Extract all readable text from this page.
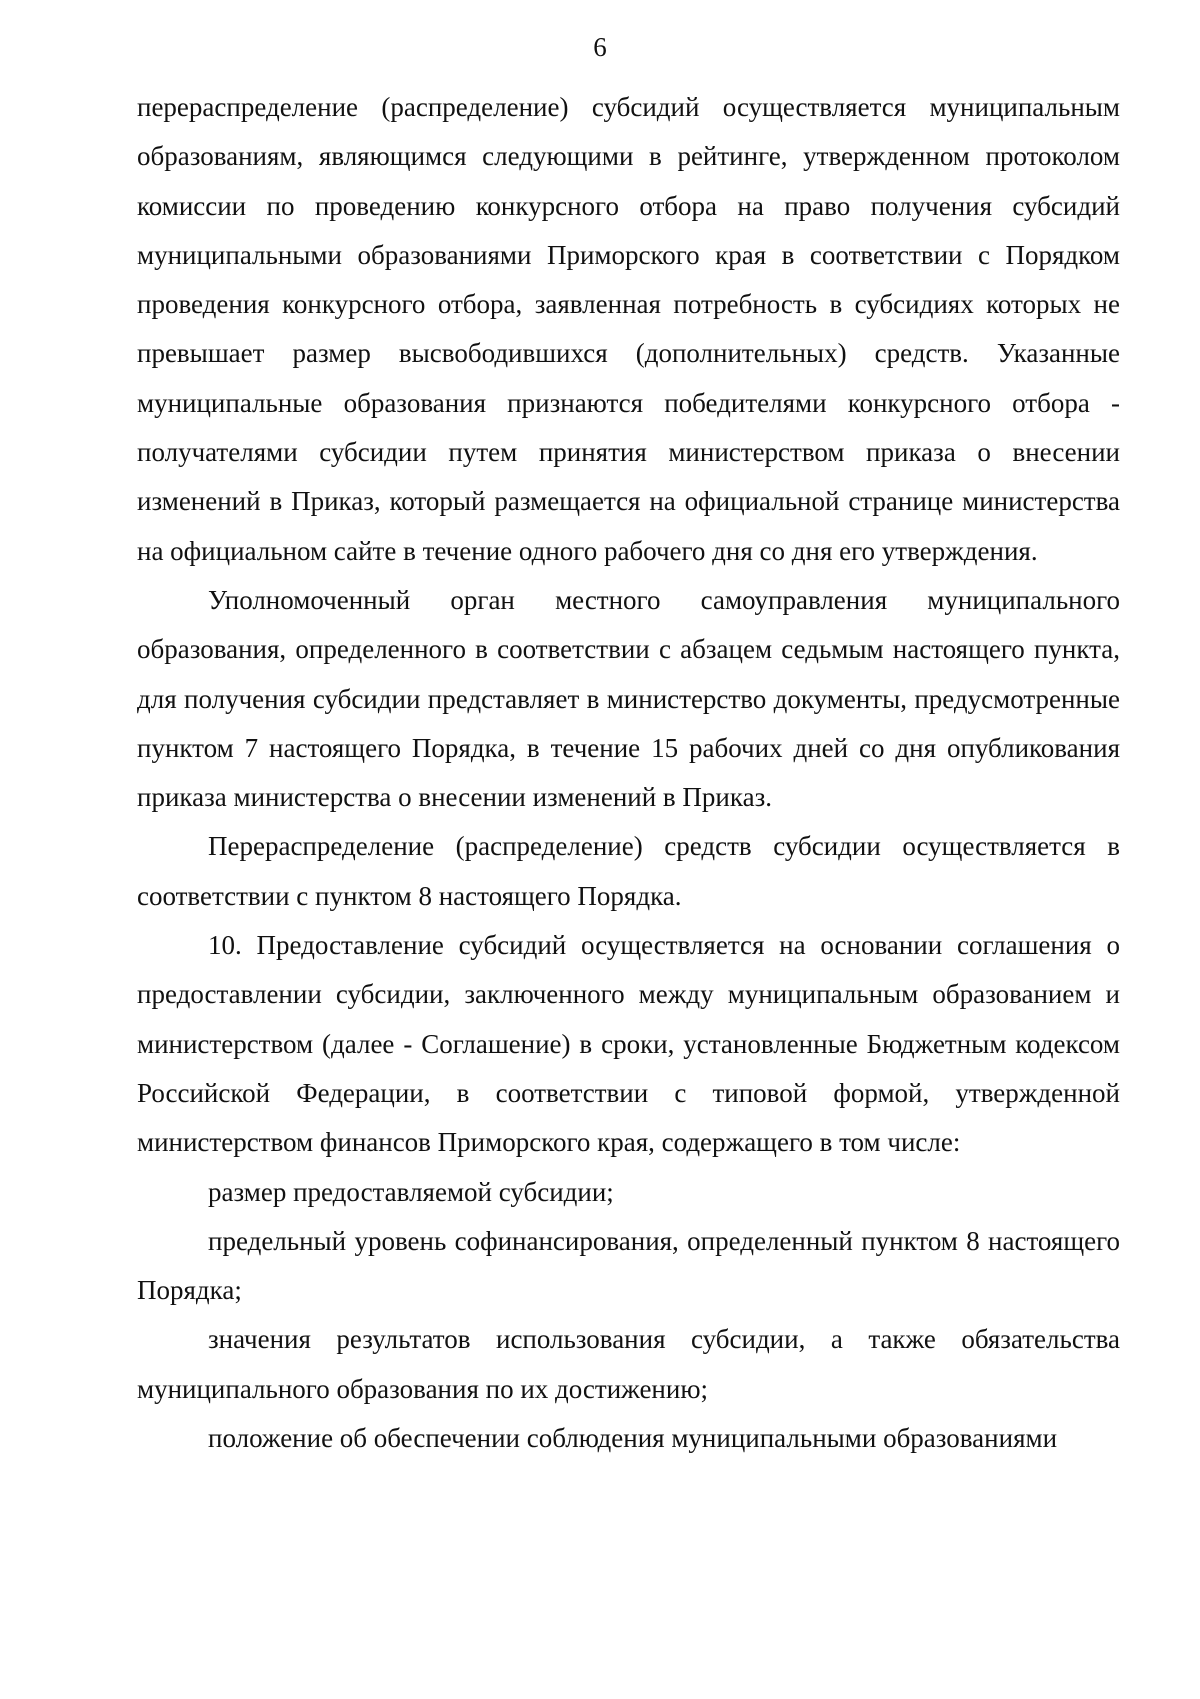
6

перераспределение (распределение) субсидий осуществляется муниципальным образованиям, являющимся следующими в рейтинге, утвержденном протоколом комиссии по проведению конкурсного отбора на право получения субсидий муниципальными образованиями Приморского края в соответствии с Порядком проведения конкурсного отбора, заявленная потребность в субсидиях которых не превышает размер высвободившихся (дополнительных) средств. Указанные муниципальные образования признаются победителями конкурсного отбора - получателями субсидии путем принятия министерством приказа о внесении изменений в Приказ, который размещается на официальной странице министерства на официальном сайте в течение одного рабочего дня со дня его утверждения.

Уполномоченный орган местного самоуправления муниципального образования, определенного в соответствии с абзацем седьмым настоящего пункта, для получения субсидии представляет в министерство документы, предусмотренные пунктом 7 настоящего Порядка, в течение 15 рабочих дней со дня опубликования приказа министерства о внесении изменений в Приказ.

Перераспределение (распределение) средств субсидии осуществляется в соответствии с пунктом 8 настоящего Порядка.

10. Предоставление субсидий осуществляется на основании соглашения о предоставлении субсидии, заключенного между муниципальным образованием и министерством (далее - Соглашение) в сроки, установленные Бюджетным кодексом Российской Федерации, в соответствии с типовой формой, утвержденной министерством финансов Приморского края, содержащего в том числе:

размер предоставляемой субсидии;

предельный уровень софинансирования, определенный пунктом 8 настоящего Порядка;

значения результатов использования субсидии, а также обязательства муниципального образования по их достижению;

положение об обеспечении соблюдения муниципальными образованиями
